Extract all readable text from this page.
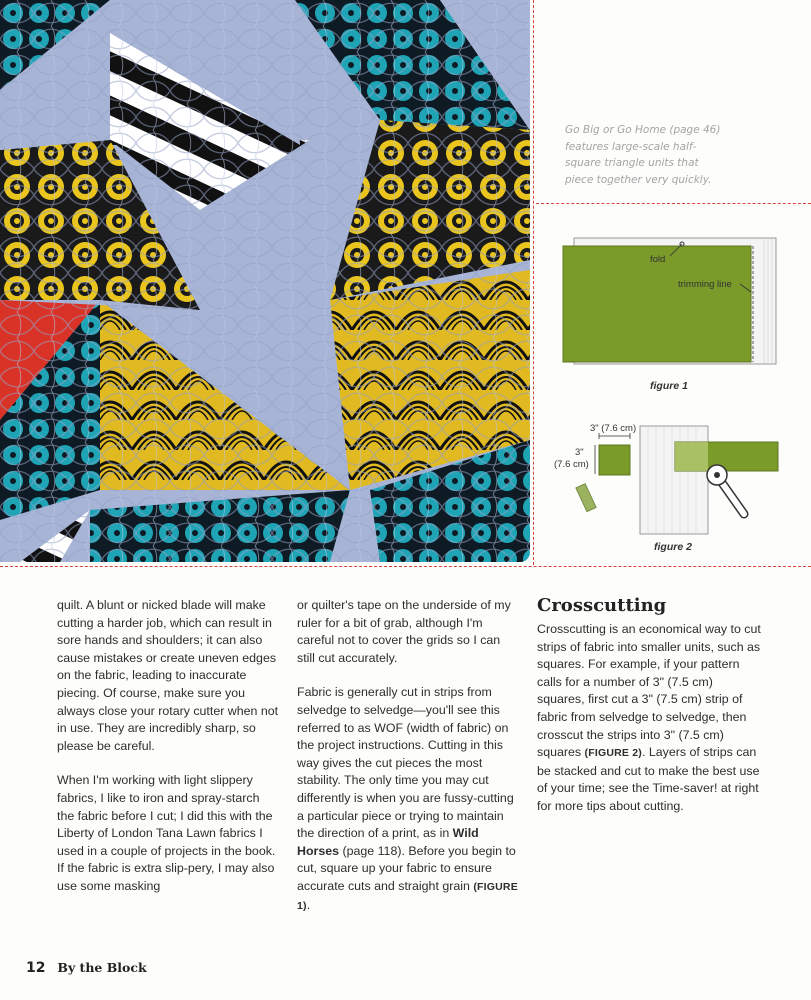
Go Big or Go Home (page 46)
features large-scale half-
square triangle units that
piece together very quickly.

fold
trimming line
figure 1
3" (7.6 cm)
3"
(7.6 cm)
figure 2

quilt. A blunt or nicked blade will make cutting a harder job, which can result in sore hands and shoulders; it can also cause mistakes or create uneven edges on the fabric, leading to inaccurate piecing. Of course, make sure you always close your rotary cutter when not in use. They are incredibly sharp, so please be careful.

When I'm working with light slippery fabrics, I like to iron and spray-starch the fabric before I cut; I did this with the Liberty of London Tana Lawn fabrics I used in a couple of projects in the book. If the fabric is extra slip-pery, I may also use some masking

or quilter's tape on the underside of my ruler for a bit of grab, although I'm careful not to cover the grids so I can still cut accurately.

Fabric is generally cut in strips from selvedge to selvedge—you'll see this referred to as WOF (width of fabric) on the project instructions. Cutting in this way gives the cut pieces the most stability. The only time you may cut differently is when you are fussy-cutting a particular piece or trying to maintain the direction of a print, as in Wild Horses (page 118). Before you begin to cut, square up your fabric to ensure accurate cuts and straight grain (FIGURE 1).

Crosscutting

Crosscutting is an economical way to cut strips of fabric into smaller units, such as squares. For example, if your pattern calls for a number of 3" (7.5 cm) squares, first cut a 3" (7.5 cm) strip of fabric from selvedge to selvedge, then crosscut the strips into 3" (7.5 cm) squares (FIGURE 2). Layers of strips can be stacked and cut to make the best use of your time; see the Time-saver! at right for more tips about cutting.

12 By the Block
